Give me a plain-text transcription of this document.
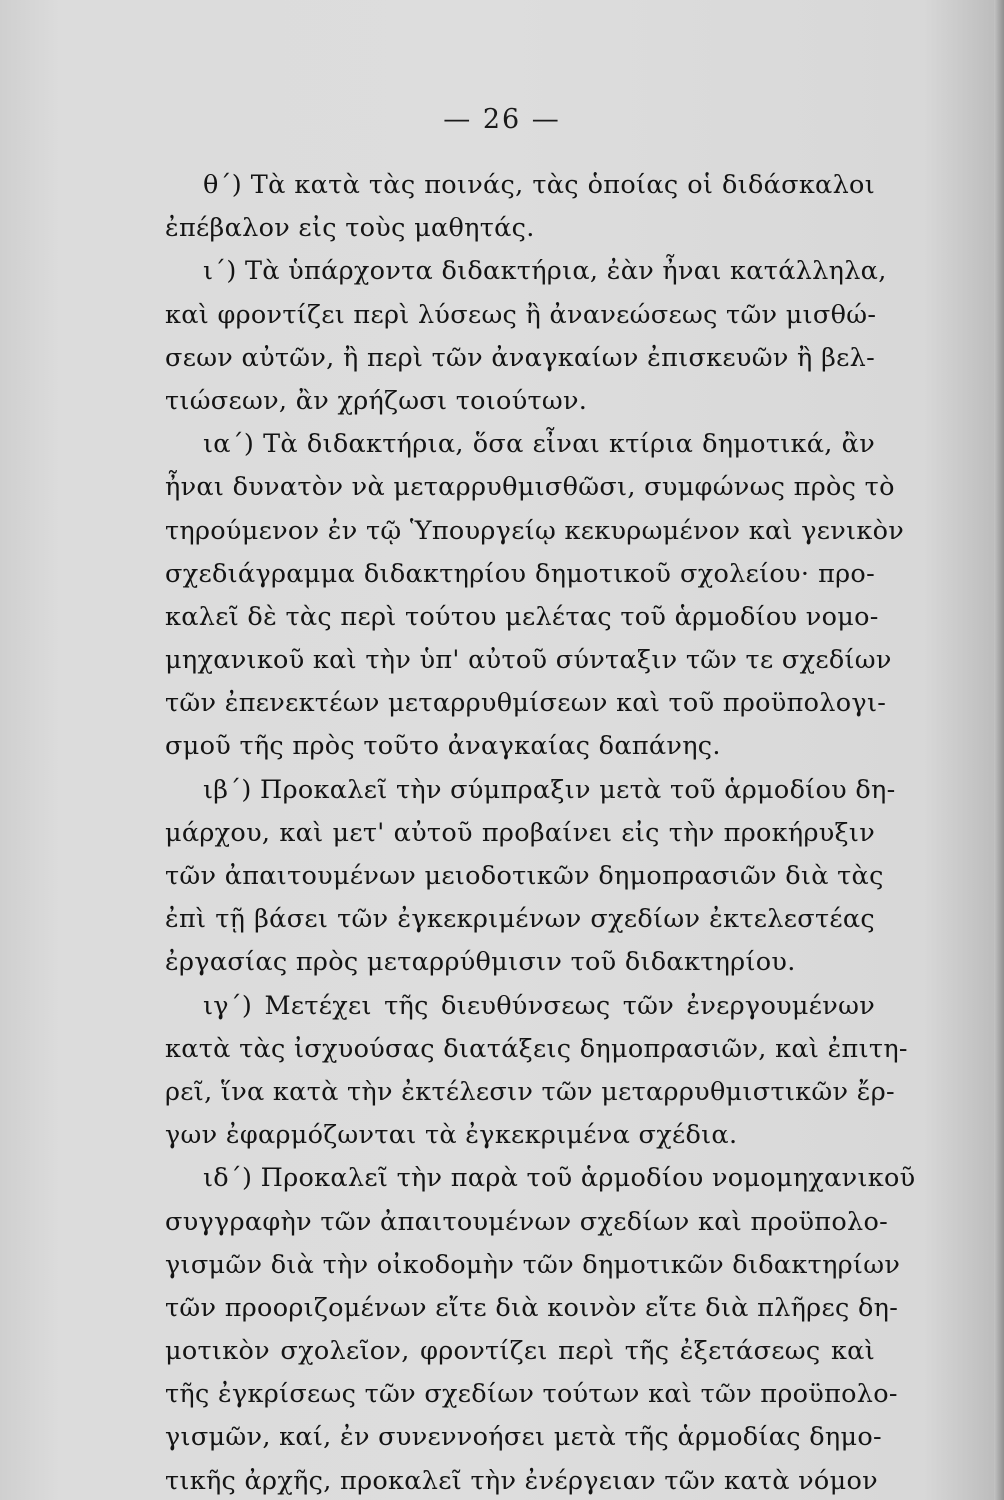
— 26 —
θ΄) Τὰ κατὰ τὰς ποινάς, τὰς ὁποίας οἱ διδάσκαλοι
ἐπέβαλον εἰς τοὺς μαθητάς.
ι΄) Τὰ ὑπάρχοντα διδακτήρια, ἐὰν ἦναι κατάλληλα,
καὶ φροντίζει περὶ λύσεως ἢ ἀνανεώσεως τῶν μισθώ-
σεων αὐτῶν, ἢ περὶ τῶν ἀναγκαίων ἐπισκευῶν ἢ βελ-
τιώσεων, ἂν χρήζωσι τοιούτων.
ια΄) Τὰ διδακτήρια, ὅσα εἶναι κτίρια δημοτικά, ἂν
ἦναι δυνατὸν νὰ μεταρρυθμισθῶσι, συμφώνως πρὸς τὸ
τηρούμενον ἐν τῷ Ὑπουργείῳ κεκυρωμένον καὶ γενικὸν
σχεδιάγραμμα διδακτηρίου δημοτικοῦ σχολείου· προ-
καλεῖ δὲ τὰς περὶ τούτου μελέτας τοῦ ἁρμοδίου νομο-
μηχανικοῦ καὶ τὴν ὑπ' αὐτοῦ σύνταξιν τῶν τε σχεδίων
τῶν ἐπενεκτέων μεταρρυθμίσεων καὶ τοῦ προϋπολογι-
σμοῦ τῆς πρὸς τοῦτο ἀναγκαίας δαπάνης.
ιβ΄) Προκαλεῖ τὴν σύμπραξιν μετὰ τοῦ ἁρμοδίου δη-
μάρχου, καὶ μετ' αὐτοῦ προβαίνει εἰς τὴν προκήρυξιν
τῶν ἀπαιτουμένων μειοδοτικῶν δημοπρασιῶν διὰ τὰς
ἐπὶ τῇ βάσει τῶν ἐγκεκριμένων σχεδίων ἐκτελεστέας
ἐργασίας πρὸς μεταρρύθμισιν τοῦ διδακτηρίου.
ιγ΄) Μετέχει τῆς διευθύνσεως τῶν ἐνεργουμένων
κατὰ τὰς ἰσχυούσας διατάξεις δημοπρασιῶν, καὶ ἐπιτη-
ρεῖ, ἵνα κατὰ τὴν ἐκτέλεσιν τῶν μεταρρυθμιστικῶν ἔρ-
γων ἐφαρμόζωνται τὰ ἐγκεκριμένα σχέδια.
ιδ΄) Προκαλεῖ τὴν παρὰ τοῦ ἁρμοδίου νομομηχανικοῦ
συγγραφὴν τῶν ἀπαιτουμένων σχεδίων καὶ προϋπολο-
γισμῶν διὰ τὴν οἰκοδομὴν τῶν δημοτικῶν διδακτηρίων
τῶν προοριζομένων εἴτε διὰ κοινὸν εἴτε διὰ πλῆρες δη-
μοτικὸν σχολεῖον, φροντίζει περὶ τῆς ἐξετάσεως καὶ
τῆς ἐγκρίσεως τῶν σχεδίων τούτων καὶ τῶν προϋπολο-
γισμῶν, καί, ἐν συνεννοήσει μετὰ τῆς ἁρμοδίας δημο-
τικῆς ἀρχῆς, προκαλεῖ τὴν ἐνέργειαν τῶν κατὰ νόμον
